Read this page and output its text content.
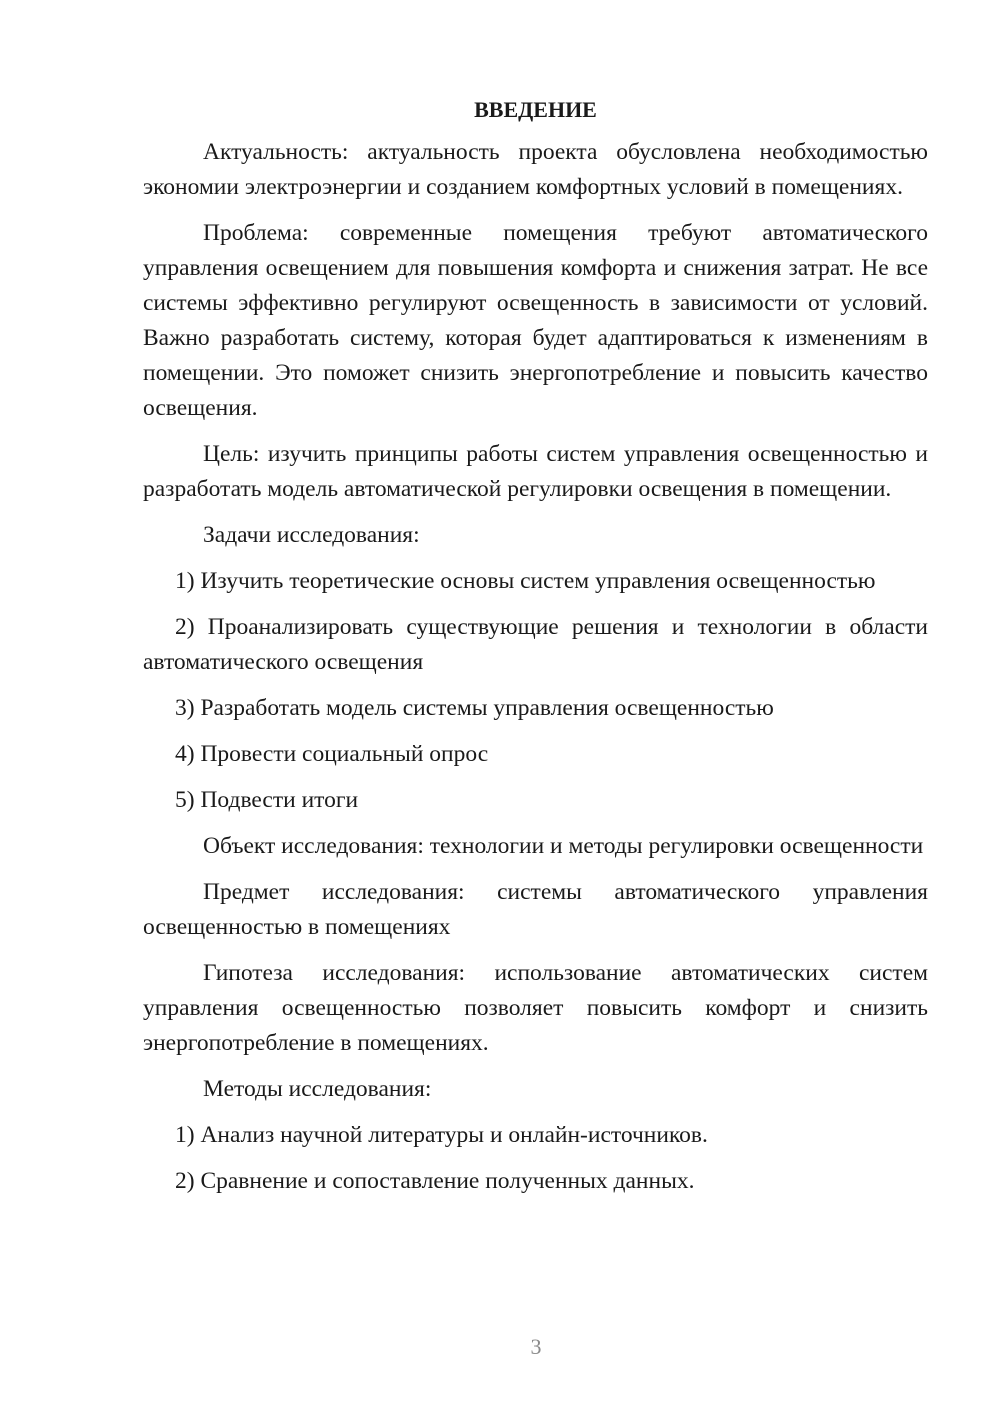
ВВЕДЕНИЕ

Актуальность: актуальность проекта обусловлена необходимостью экономии электроэнергии и созданием комфортных условий в помещениях.

Проблема: современные помещения требуют автоматического управления освещением для повышения комфорта и снижения затрат. Не все системы эффективно регулируют освещенность в зависимости от условий. Важно разработать систему, которая будет адаптироваться к изменениям в помещении. Это поможет снизить энергопотребление и повысить качество освещения.

Цель: изучить принципы работы систем управления освещенностью и разработать модель автоматической регулировки освещения в помещении.

Задачи исследования:

1) Изучить теоретические основы систем управления освещенностью

2) Проанализировать существующие решения и технологии в области автоматического освещения

3) Разработать модель системы управления освещенностью

4) Провести социальный опрос

5) Подвести итоги

Объект исследования: технологии и методы регулировки освещенности

Предмет исследования: системы автоматического управления освещенностью в помещениях

Гипотеза исследования: использование автоматических систем управления освещенностью позволяет повысить комфорт и снизить энергопотребление в помещениях.

Методы исследования:

1) Анализ научной литературы и онлайн-источников.

2) Сравнение и сопоставление полученных данных.

3
